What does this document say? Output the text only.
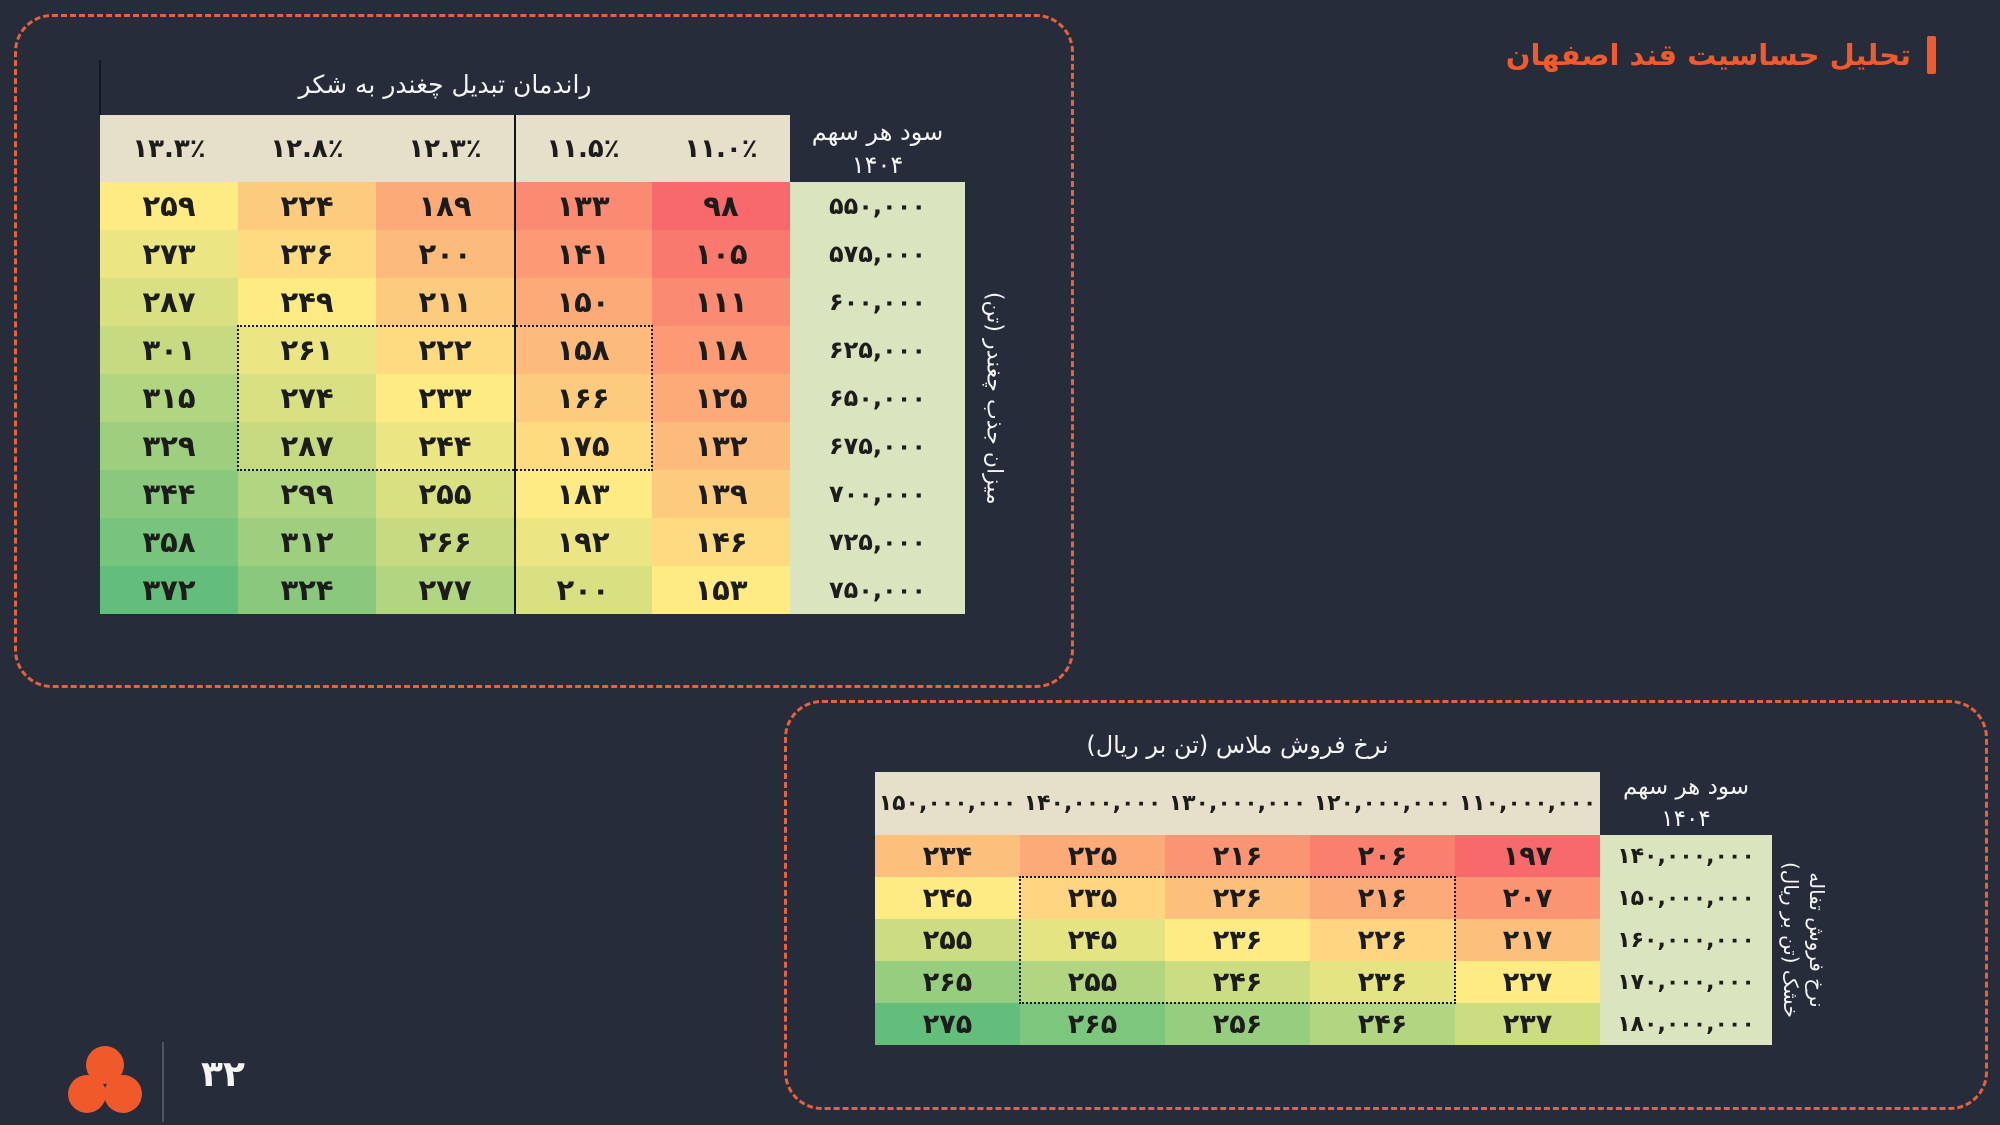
تحلیل حساسیت قند اصفهان
راندمان تبدیل چغندر به شکر
۱۳.۳٪	۱۲.۸٪	۱۲.۳٪	۱۱.۵٪	۱۱.۰٪
سود هر سهم
۱۴۰۴
۲۵۹	۲۲۴	۱۸۹	۱۳۳	۹۸	۵۵۰,۰۰۰
۲۷۳	۲۳۶	۲۰۰	۱۴۱	۱۰۵	۵۷۵,۰۰۰
۲۸۷	۲۴۹	۲۱۱	۱۵۰	۱۱۱	۶۰۰,۰۰۰
۳۰۱	۲۶۱	۲۲۲	۱۵۸	۱۱۸	۶۲۵,۰۰۰
۳۱۵	۲۷۴	۲۳۳	۱۶۶	۱۲۵	۶۵۰,۰۰۰
۳۲۹	۲۸۷	۲۴۴	۱۷۵	۱۳۲	۶۷۵,۰۰۰
۳۴۴	۲۹۹	۲۵۵	۱۸۳	۱۳۹	۷۰۰,۰۰۰
۳۵۸	۳۱۲	۲۶۶	۱۹۲	۱۴۶	۷۲۵,۰۰۰
۳۷۲	۳۲۴	۲۷۷	۲۰۰	۱۵۳	۷۵۰,۰۰۰
میزان جذب چغندر (تن)
نرخ فروش ملاس (تن بر ریال)
۱۵۰,۰۰۰,۰۰۰ ۱۴۰,۰۰۰,۰۰۰ ۱۳۰,۰۰۰,۰۰۰ ۱۲۰,۰۰۰,۰۰۰ ۱۱۰,۰۰۰,۰۰۰
سود هر سهم
۱۴۰۴
۲۳۴	۲۲۵	۲۱۶	۲۰۶	۱۹۷	۱۴۰,۰۰۰,۰۰۰
۲۴۵	۲۳۵	۲۲۶	۲۱۶	۲۰۷	۱۵۰,۰۰۰,۰۰۰
۲۵۵	۲۴۵	۲۳۶	۲۲۶	۲۱۷	۱۶۰,۰۰۰,۰۰۰
۲۶۵	۲۵۵	۲۴۶	۲۳۶	۲۲۷	۱۷۰,۰۰۰,۰۰۰
۲۷۵	۲۶۵	۲۵۶	۲۴۶	۲۳۷	۱۸۰,۰۰۰,۰۰۰
نرخ فروش تفاله
خشک (تن بر ریال)
۳۲
